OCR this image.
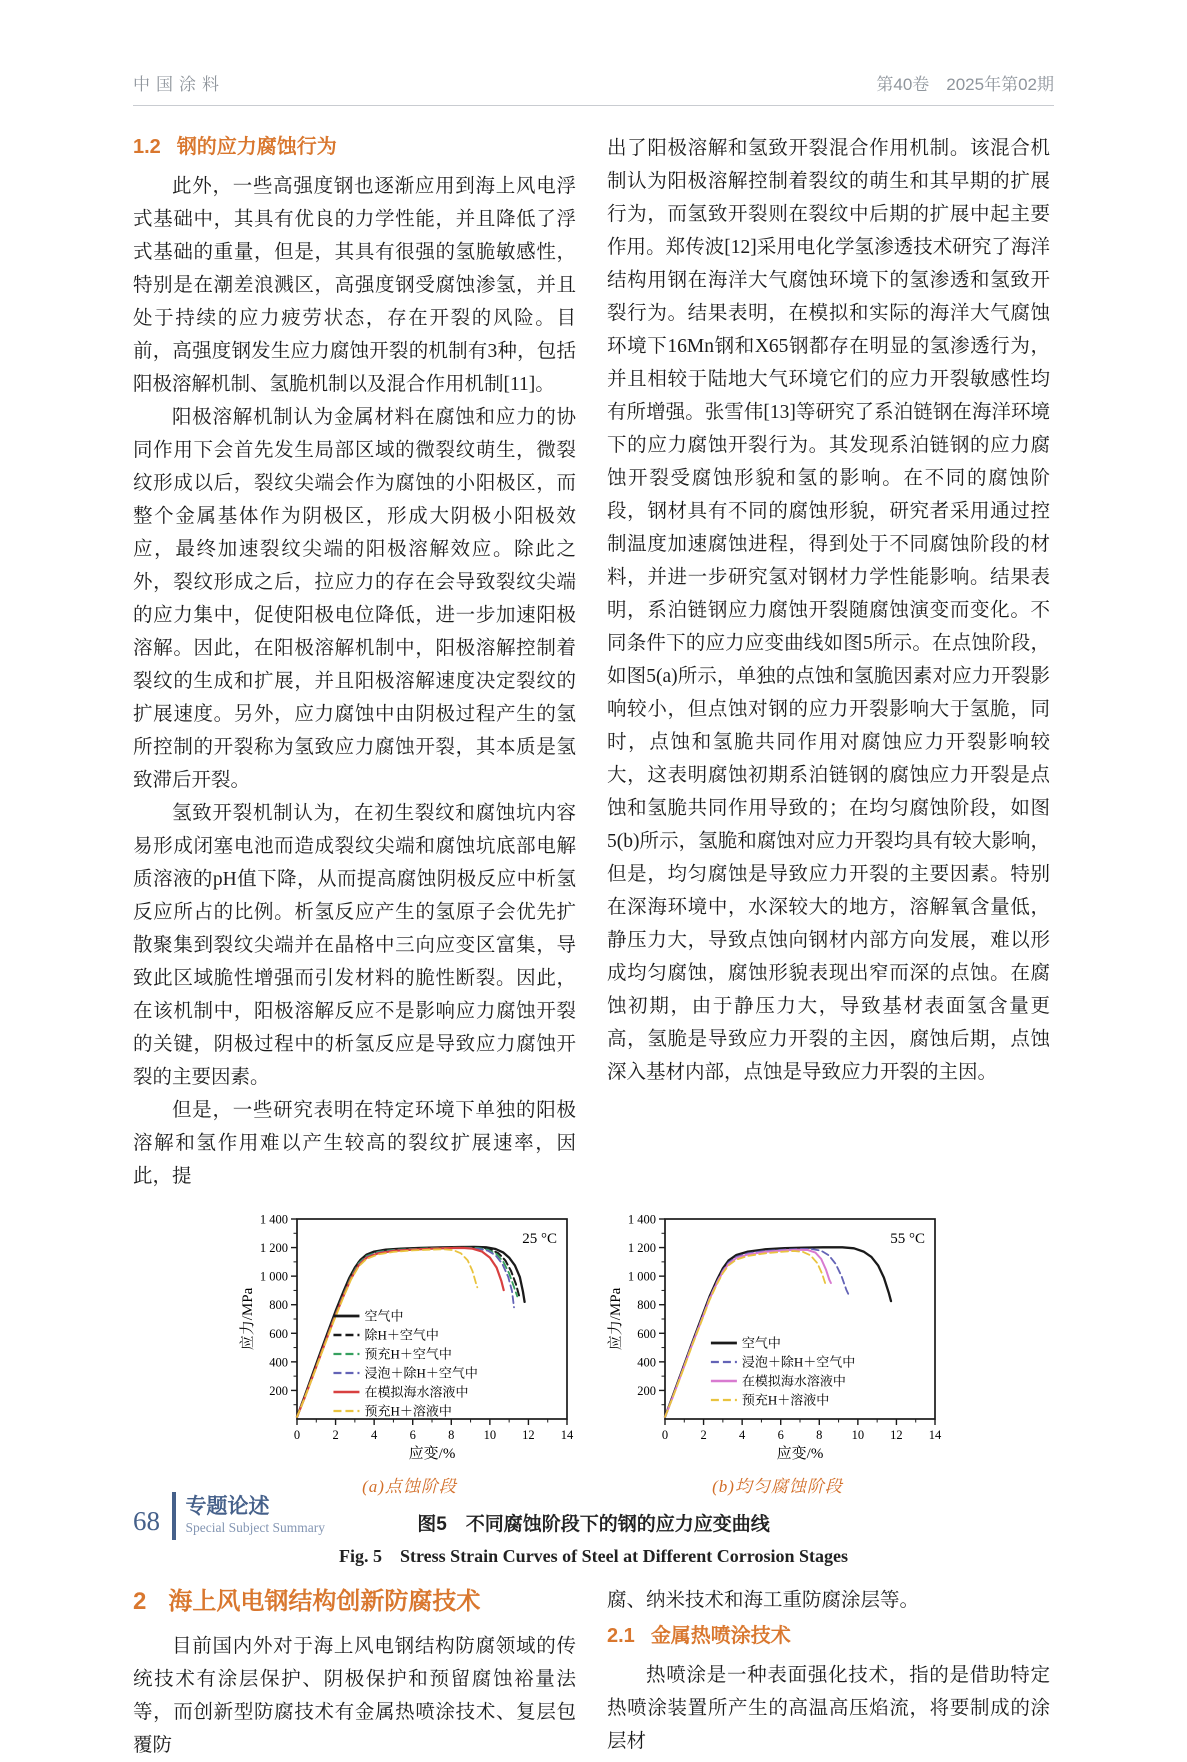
中国涂料	第40卷　2025年第02期
1.2 钢的应力腐蚀行为

此外，一些高强度钢也逐渐应用到海上风电浮式基础中，其具有优良的力学性能，并且降低了浮式基础的重量，但是，其具有很强的氢脆敏感性，特别是在潮差浪溅区，高强度钢受腐蚀渗氢，并且处于持续的应力疲劳状态，存在开裂的风险。目前，高强度钢发生应力腐蚀开裂的机制有3种，包括阳极溶解机制、氢脆机制以及混合作用机制[11]。

阳极溶解机制认为金属材料在腐蚀和应力的协同作用下会首先发生局部区域的微裂纹萌生，微裂纹形成以后，裂纹尖端会作为腐蚀的小阳极区，而整个金属基体作为阴极区，形成大阴极小阳极效应，最终加速裂纹尖端的阳极溶解效应。除此之外，裂纹形成之后，拉应力的存在会导致裂纹尖端的应力集中，促使阳极电位降低，进一步加速阳极溶解。因此，在阳极溶解机制中，阳极溶解控制着裂纹的生成和扩展，并且阳极溶解速度决定裂纹的扩展速度。另外，应力腐蚀中由阴极过程产生的氢所控制的开裂称为氢致应力腐蚀开裂，其本质是氢致滞后开裂。

氢致开裂机制认为，在初生裂纹和腐蚀坑内容易形成闭塞电池而造成裂纹尖端和腐蚀坑底部电解质溶液的pH值下降，从而提高腐蚀阴极反应中析氢反应所占的比例。析氢反应产生的氢原子会优先扩散聚集到裂纹尖端并在晶格中三向应变区富集，导致此区域脆性增强而引发材料的脆性断裂。因此，在该机制中，阳极溶解反应不是影响应力腐蚀开裂的关键，阴极过程中的析氢反应是导致应力腐蚀开裂的主要因素。

但是，一些研究表明在特定环境下单独的阳极溶解和氢作用难以产生较高的裂纹扩展速率，因此，提

出了阳极溶解和氢致开裂混合作用机制。该混合机制认为阳极溶解控制着裂纹的萌生和其早期的扩展行为，而氢致开裂则在裂纹中后期的扩展中起主要作用。郑传波[12]采用电化学氢渗透技术研究了海洋结构用钢在海洋大气腐蚀环境下的氢渗透和氢致开裂行为。结果表明，在模拟和实际的海洋大气腐蚀环境下16Mn钢和X65钢都存在明显的氢渗透行为，并且相较于陆地大气环境它们的应力开裂敏感性均有所增强。张雪伟[13]等研究了系泊链钢在海洋环境下的应力腐蚀开裂行为。其发现系泊链钢的应力腐蚀开裂受腐蚀形貌和氢的影响。在不同的腐蚀阶段，钢材具有不同的腐蚀形貌，研究者采用通过控制温度加速腐蚀进程，得到处于不同腐蚀阶段的材料，并进一步研究氢对钢材力学性能影响。结果表明，系泊链钢应力腐蚀开裂随腐蚀演变而变化。不同条件下的应力应变曲线如图5所示。在点蚀阶段，如图5(a)所示，单独的点蚀和氢脆因素对应力开裂影响较小，但点蚀对钢的应力开裂影响大于氢脆，同时，点蚀和氢脆共同作用对腐蚀应力开裂影响较大，这表明腐蚀初期系泊链钢的腐蚀应力开裂是点蚀和氢脆共同作用导致的；在均匀腐蚀阶段，如图5(b)所示，氢脆和腐蚀对应力开裂均具有较大影响，但是，均匀腐蚀是导致应力开裂的主要因素。特别在深海环境中，水深较大的地方，溶解氧含量低，静压力大，导致点蚀向钢材内部方向发展，难以形成均匀腐蚀，腐蚀形貌表现出窄而深的点蚀。在腐蚀初期，由于静压力大，导致基材表面氢含量更高，氢脆是导致应力开裂的主因，腐蚀后期，点蚀深入基材内部，点蚀是导致应力开裂的主因。

0	2	4	6	8 10 12 14
200
400
600
800
1 000
1 200
1 400
应变/%
应力/MPa
25 °C
空气中
除H＋空气中
预充H＋空气中
浸泡＋除H＋空气中
在模拟海水溶液中
预充H＋溶液中
(a)点蚀阶段
0	2	4	6	8 10 12 14
200
400
600
800
1 000
1 200
1 400
应变/%
应力/MPa
55 °C
空气中
浸泡＋除H＋空气中
在模拟海水溶液中
预充H＋溶液中
(b)均匀腐蚀阶段
图5　不同腐蚀阶段下的钢的应力应变曲线
Fig. 5　Stress Strain Curves of Steel at Different Corrosion Stages
2 海上风电钢结构创新防腐技术

目前国内外对于海上风电钢结构防腐领域的传统技术有涂层保护、阴极保护和预留腐蚀裕量法等，而创新型防腐技术有金属热喷涂技术、复层包覆防

腐、纳米技术和海工重防腐涂层等。

2.1 金属热喷涂技术

热喷涂是一种表面强化技术，指的是借助特定热喷涂装置所产生的高温高压焰流，将要制成的涂层材

68 专题论述
Special Subject Summary
